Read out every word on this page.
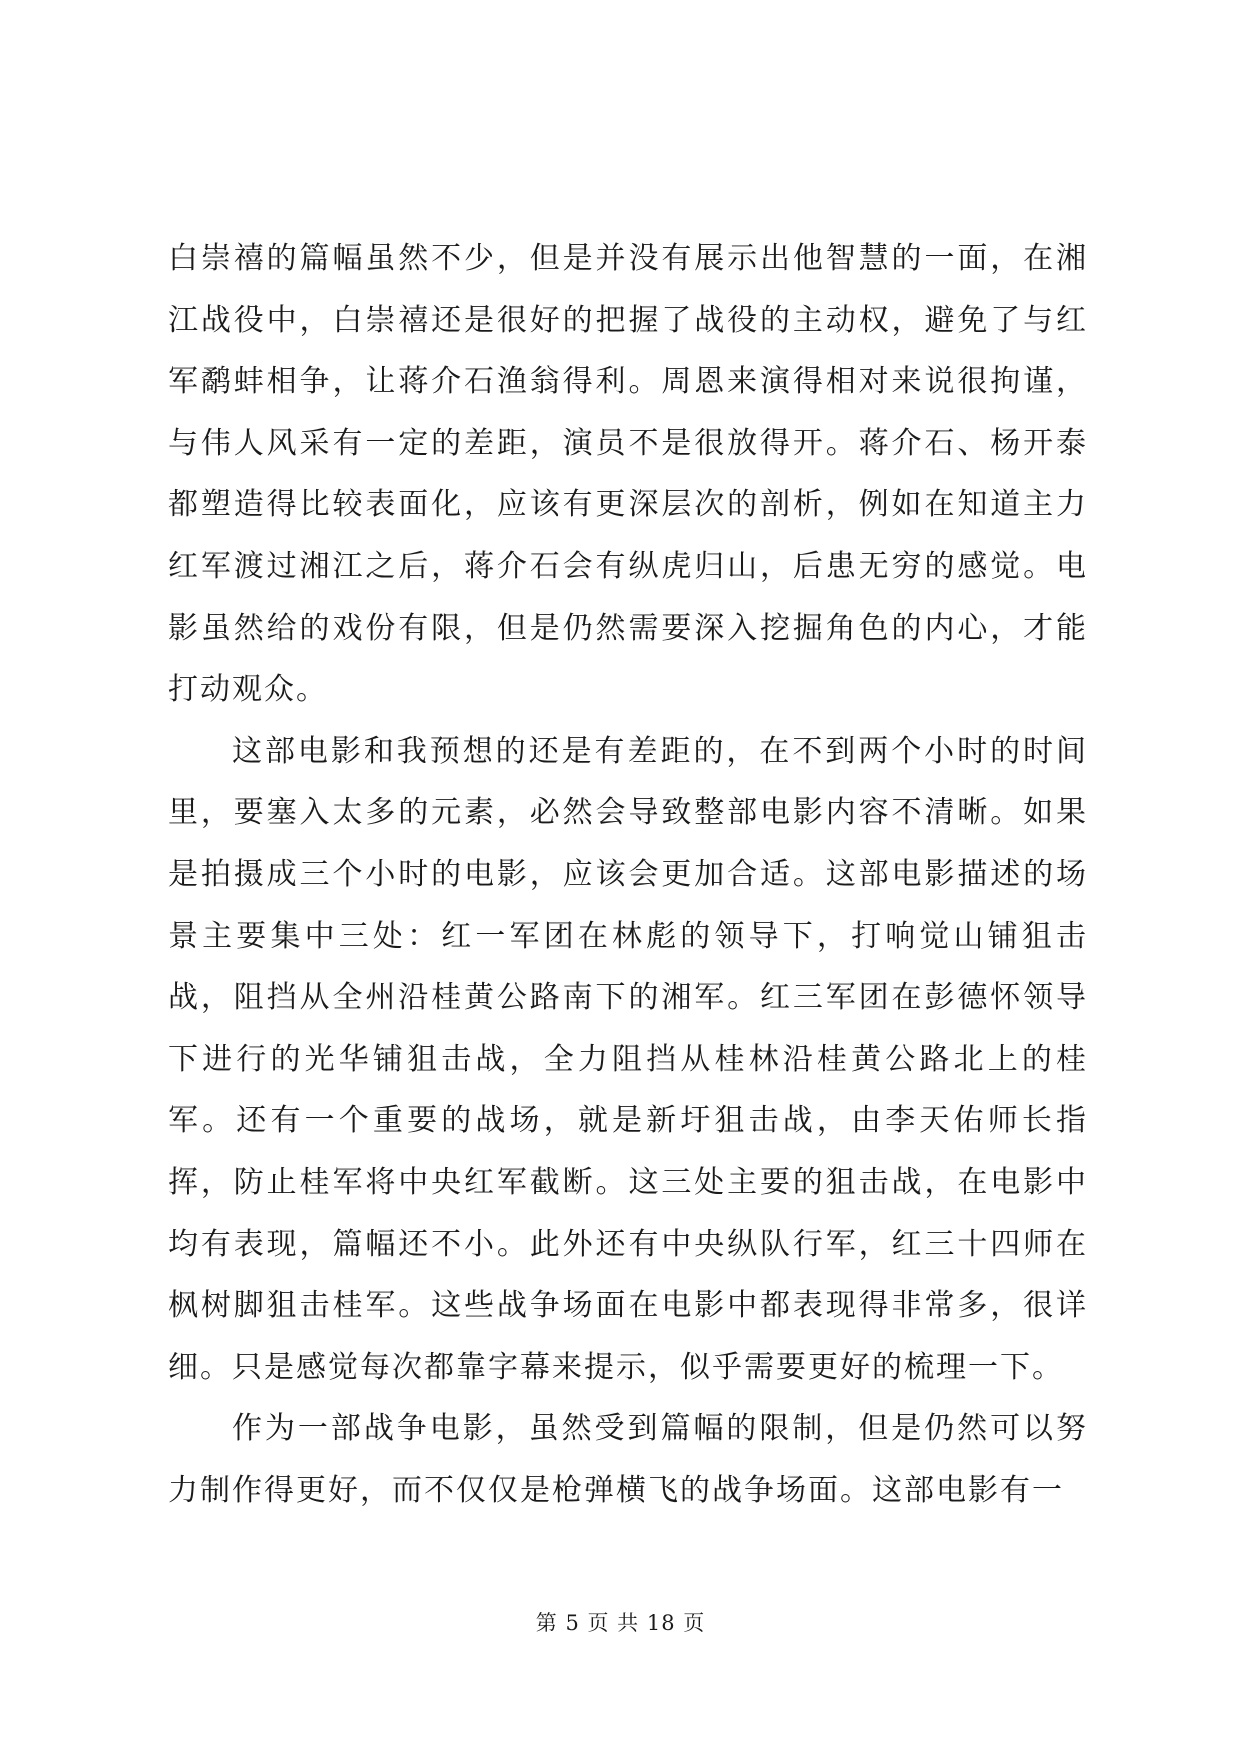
白崇禧的篇幅虽然不少，但是并没有展示出他智慧的一面，在湘江战役中，白崇禧还是很好的把握了战役的主动权，避免了与红军鹬蚌相争，让蒋介石渔翁得利。周恩来演得相对来说很拘谨，与伟人风采有一定的差距，演员不是很放得开。蒋介石、杨开泰都塑造得比较表面化，应该有更深层次的剖析，例如在知道主力红军渡过湘江之后，蒋介石会有纵虎归山，后患无穷的感觉。电影虽然给的戏份有限，但是仍然需要深入挖掘角色的内心，才能打动观众。

这部电影和我预想的还是有差距的，在不到两个小时的时间里，要塞入太多的元素，必然会导致整部电影内容不清晰。如果是拍摄成三个小时的电影，应该会更加合适。这部电影描述的场景主要集中三处：红一军团在林彪的领导下，打响觉山铺狙击战，阻挡从全州沿桂黄公路南下的湘军。红三军团在彭德怀领导下进行的光华铺狙击战，全力阻挡从桂林沿桂黄公路北上的桂军。还有一个重要的战场，就是新圩狙击战，由李天佑师长指挥，防止桂军将中央红军截断。这三处主要的狙击战，在电影中均有表现，篇幅还不小。此外还有中央纵队行军，红三十四师在枫树脚狙击桂军。这些战争场面在电影中都表现得非常多，很详细。只是感觉每次都靠字幕来提示，似乎需要更好的梳理一下。

作为一部战争电影，虽然受到篇幅的限制，但是仍然可以努力制作得更好，而不仅仅是枪弹横飞的战争场面。这部电影有一

第 5 页 共 18 页
